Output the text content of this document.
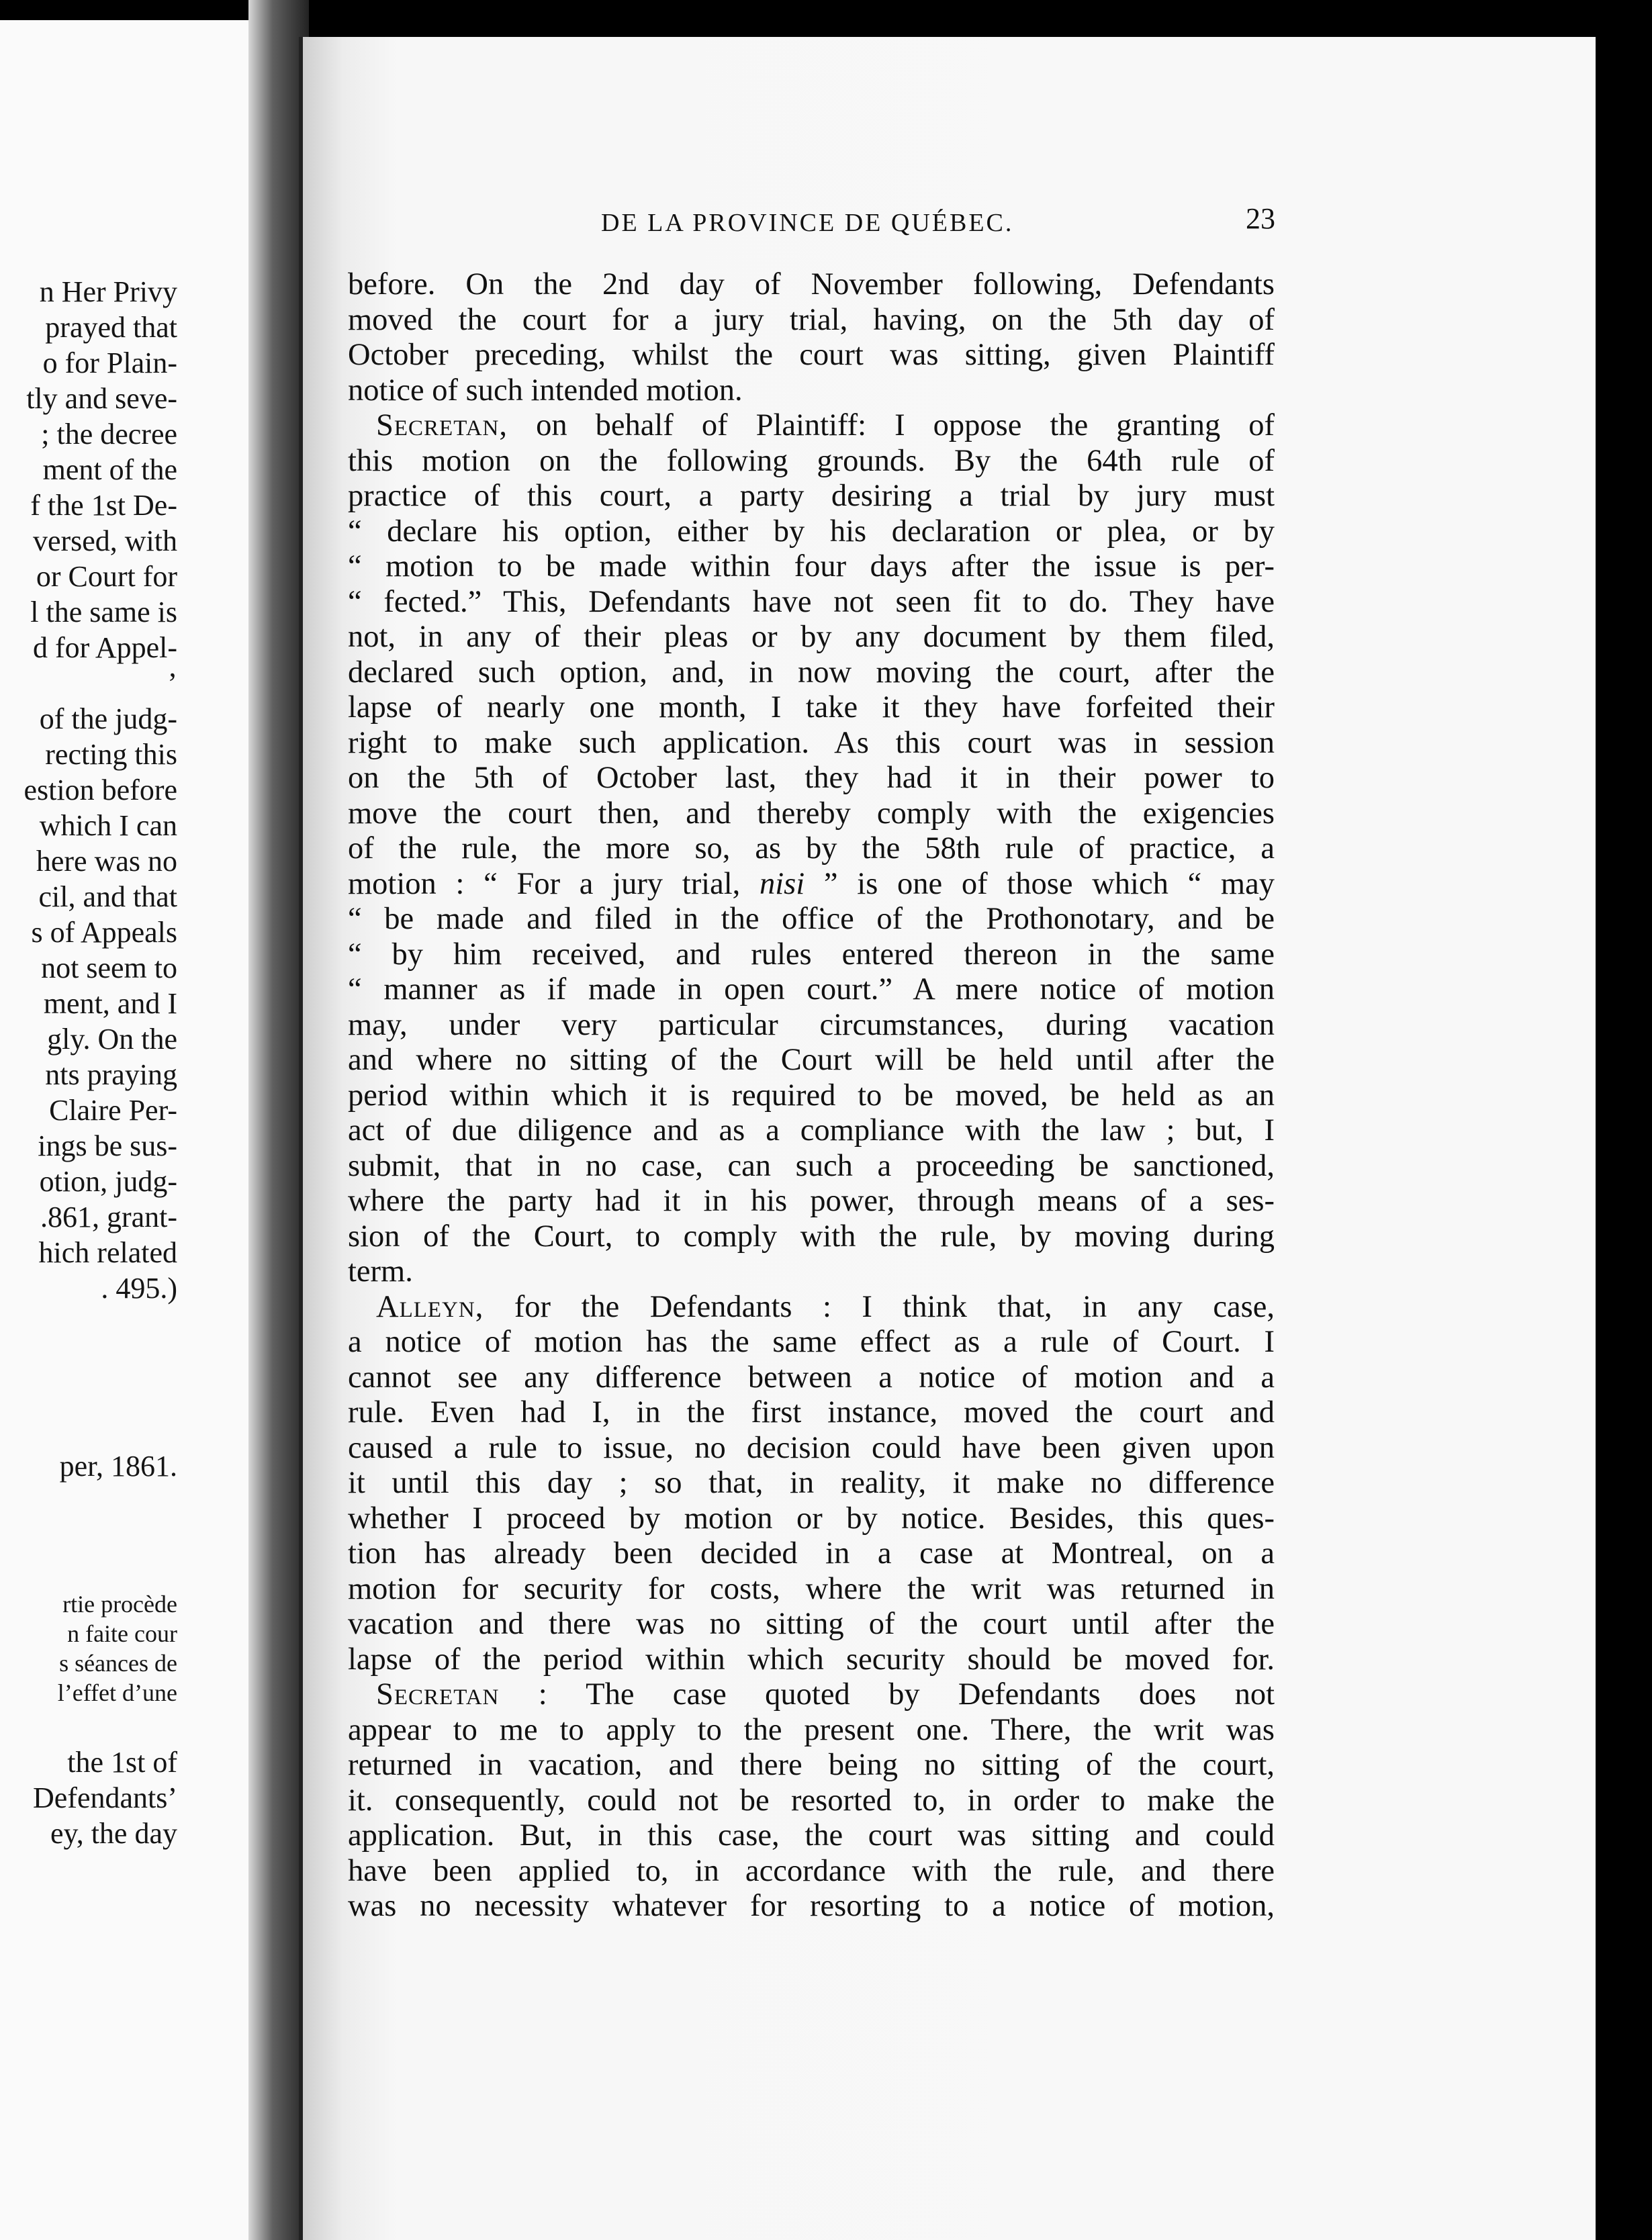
n Her Privy
prayed that
o for Plain-
tly and seve-
; the decree
ment of the
f the 1st De-
versed, with
or Court for
l the same is
d for Appel-
’
of the judg-
recting this
estion before
which I can
here was no
cil, and that
s of Appeals
not seem to
ment, and I
gly. On the
nts praying
Claire Per-
ings be sus-
otion, judg-
.861, grant-
hich related
. 495.)
per, 1861.
rtie procède
n faite cour
s séances de
l’effet d’une
the 1st of
Defendants’
ey, the day
DE LA PROVINCE DE QUÉBEC.	23
before. On the 2nd day of November following, Defendants
moved the court for a jury trial, having, on the 5th day of
October preceding, whilst the court was sitting, given Plaintiff
notice of such intended motion.
Secretan, on behalf of Plaintiff: I oppose the granting of
this motion on the following grounds. By the 64th rule of
practice of this court, a party desiring a trial by jury must
“ declare his option, either by his declaration or plea, or by
“ motion to be made within four days after the issue is per-
“ fected.” This, Defendants have not seen fit to do. They have
not, in any of their pleas or by any document by them filed,
declared such option, and, in now moving the court, after the
lapse of nearly one month, I take it they have forfeited their
right to make such application. As this court was in session
on the 5th of October last, they had it in their power to
move the court then, and thereby comply with the exigencies
of the rule, the more so, as by the 58th rule of practice, a
motion : “ For a jury trial, nisi ” is one of those which “ may
“ be made and filed in the office of the Prothonotary, and be
“ by him received, and rules entered thereon in the same
“ manner as if made in open court.” A mere notice of motion
may, under very particular circumstances, during vacation
and where no sitting of the Court will be held until after the
period within which it is required to be moved, be held as an
act of due diligence and as a compliance with the law ; but, I
submit, that in no case, can such a proceeding be sanctioned,
where the party had it in his power, through means of a ses-
sion of the Court, to comply with the rule, by moving during
term.
Alleyn, for the Defendants : I think that, in any case,
a notice of motion has the same effect as a rule of Court. I
cannot see any difference between a notice of motion and a
rule. Even had I, in the first instance, moved the court and
caused a rule to issue, no decision could have been given upon
it until this day ; so that, in reality, it make no difference
whether I proceed by motion or by notice. Besides, this ques-
tion has already been decided in a case at Montreal, on a
motion for security for costs, where the writ was returned in
vacation and there was no sitting of the court until after the
lapse of the period within which security should be moved for.
Secretan : The case quoted by Defendants does not
appear to me to apply to the present one. There, the writ was
returned in vacation, and there being no sitting of the court,
it. consequently, could not be resorted to, in order to make the
application. But, in this case, the court was sitting and could
have been applied to, in accordance with the rule, and there
was no necessity whatever for resorting to a notice of motion,
